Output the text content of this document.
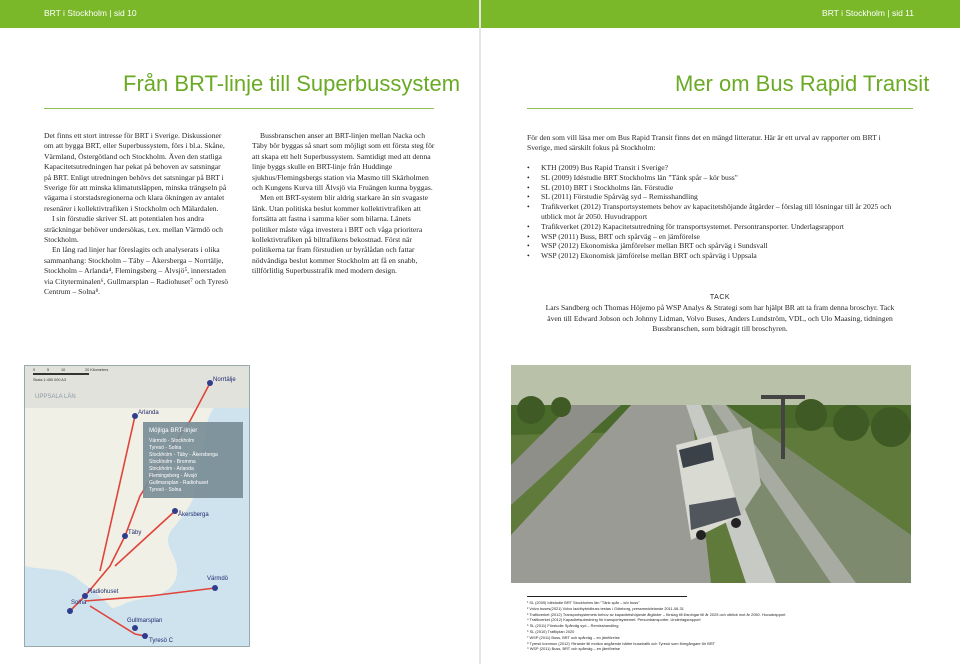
BRT i Stockholm | sid 10	BRT i Stockholm | sid 11
Från BRT-linje till Superbussystem

Det finns ett stort intresse för BRT i Sverige. Diskussioner om att bygga BRT, eller Superbussystem, förs i bl.a. Skåne, Värmland, Östergötland och Stockholm. Även den statliga Kapacitetsutredningen har pekat på behoven av satsningar på BRT. Enligt utredningen behövs det satsningar på BRT i Sverige för att minska klimatutsläppen, minska trängseln på vägarna i storstadsregionerna och klara ökningen av antalet resenärer i kollektivtrafiken i Stockholm och Mälardalen.

I sin förstudie skriver SL att potentialen hos andra sträckningar behöver undersökas, t.ex. mellan Värmdö och Stockholm.

En lång rad linjer har föreslagits och analyserats i olika sammanhang: Stockholm – Täby – Åkersberga – Norrtälje, Stockholm – Arlanda⁴, Flemingsberg – Älvsjö⁵, innerstaden via Cityterminalen⁶, Gullmarsplan – Radiohuset⁷ och Tyresö Centrum – Solna⁸.

Bussbranschen anser att BRT-linjen mellan Nacka och Täby bör byggas så snart som möjligt som ett första steg för att skapa ett helt Superbussystem. Samtidigt med att denna linje byggs skulle en BRT-linje från Huddinge sjukhus/Flemingsbergs station via Masmo till Skärholmen och Kungens Kurva till Älvsjö via Fruängen kunna byggas.

Men ett BRT-system blir aldrig starkare än sin svagaste länk. Utan politiska beslut kommer kollektivtrafiken att fortsätta att fastna i samma köer som bilarna. Länets politiker måste våga investera i BRT och våga prioritera kollektivtrafiken på biltrafikens bekostnad. Först när politikerna tar fram förstudien ur byrålådan och fattar nödvändiga beslut kommer Stockholm att få en snabb, tillförlitlig Superbusstrafik med modern design.

Norrtälje
Arlanda
Täby
Åkersberga
Solna
Radiohuset
Värmdö
Gullmarsplan
Tyresö C
0	5	10	20 Kilometers
Skala 1:450 000 A3
UPPSALA LÄN
Möjliga BRT-linjer
Värmdö - Stockholm
Tyresö - Solna
Stockholm - Täby - Åkersberga
Stockholm - Bromma
Stockholm - Arlanda
Flemingsberg - Älvsjö
Gullmarsplan - Radiohuset
Tyresö - Solna
Mer om Bus Rapid Transit

För den som vill läsa mer om Bus Rapid Transit finns det en mängd litteratur. Här är ett urval av rapporter om BRT i Sverige, med särskilt fokus på Stockholm:

• KTH (2009) Bus Rapid Transit i Sverige?
• SL (2009) Idéstudie BRT Stockholms län "Tänk spår – kör buss"
• SL (2010) BRT i Stockholms län. Förstudie
• SL (2011) Förstudie Spårväg syd – Remisshandling
• Trafikverket (2012) Transportsystemets behov av kapacitetshöjande åtgärder – förslag till lösningar till år 2025 och utblick mot år 2050. Huvudrapport
• Trafikverket (2012) Kapacitetsutredning för transportsystemet. Persontransporter. Underlagsrapport
• WSP (2011) Buss, BRT och spårväg – en jämförelse
• WSP (2012) Ekonomiska jämförelser mellan BRT och spårväg i Sundsvall
• WSP (2012) Ekonomisk jämförelse mellan BRT och spårväg i Uppsala
TACK
Lars Sandberg och Thomas Höjemo på WSP Analys & Strategi som har hjälpt BR att ta fram denna broschyr. Tack även till Edward Jobson och Johnny Lidman, Volvo Buses, Anders Lundström, VDL, och Ulo Maasing, tidningen Bussbranschen, som bidragit till broschyren.
¹ SL (2009) Idéstudie BRT Stockholms län "Tänk spår – kör buss"
² Volvo buses(2021) Volvo laddhybridbuss testas i Göteborg, pressmeddelande 2011-08-31
³ Trafikverket (2012) Transportsystemets behov av kapacitetshöjande åtgärder – förslag till lösningar till år 2025 och utblick mot år 2050. Huvudrapport
⁴ Trafikverket (2012) Kapacitetsutredning för transportsystemet. Persontransporter. Underlagsrapport
⁵ SL (2011) Förstudie Spårväg syd – Remisshandling
⁶ SL (2010) Trafikplan 2020
⁷ WSP (2011) Buss, BRT och spårväg – en jämförelse
⁸ Tyresö kommun (2012) Yttrande till motion angående bättre busstrafik och Tyresö som föregångare för BRT
⁹ WSP (2011) Buss, BRT och spårväg – en jämförelse
